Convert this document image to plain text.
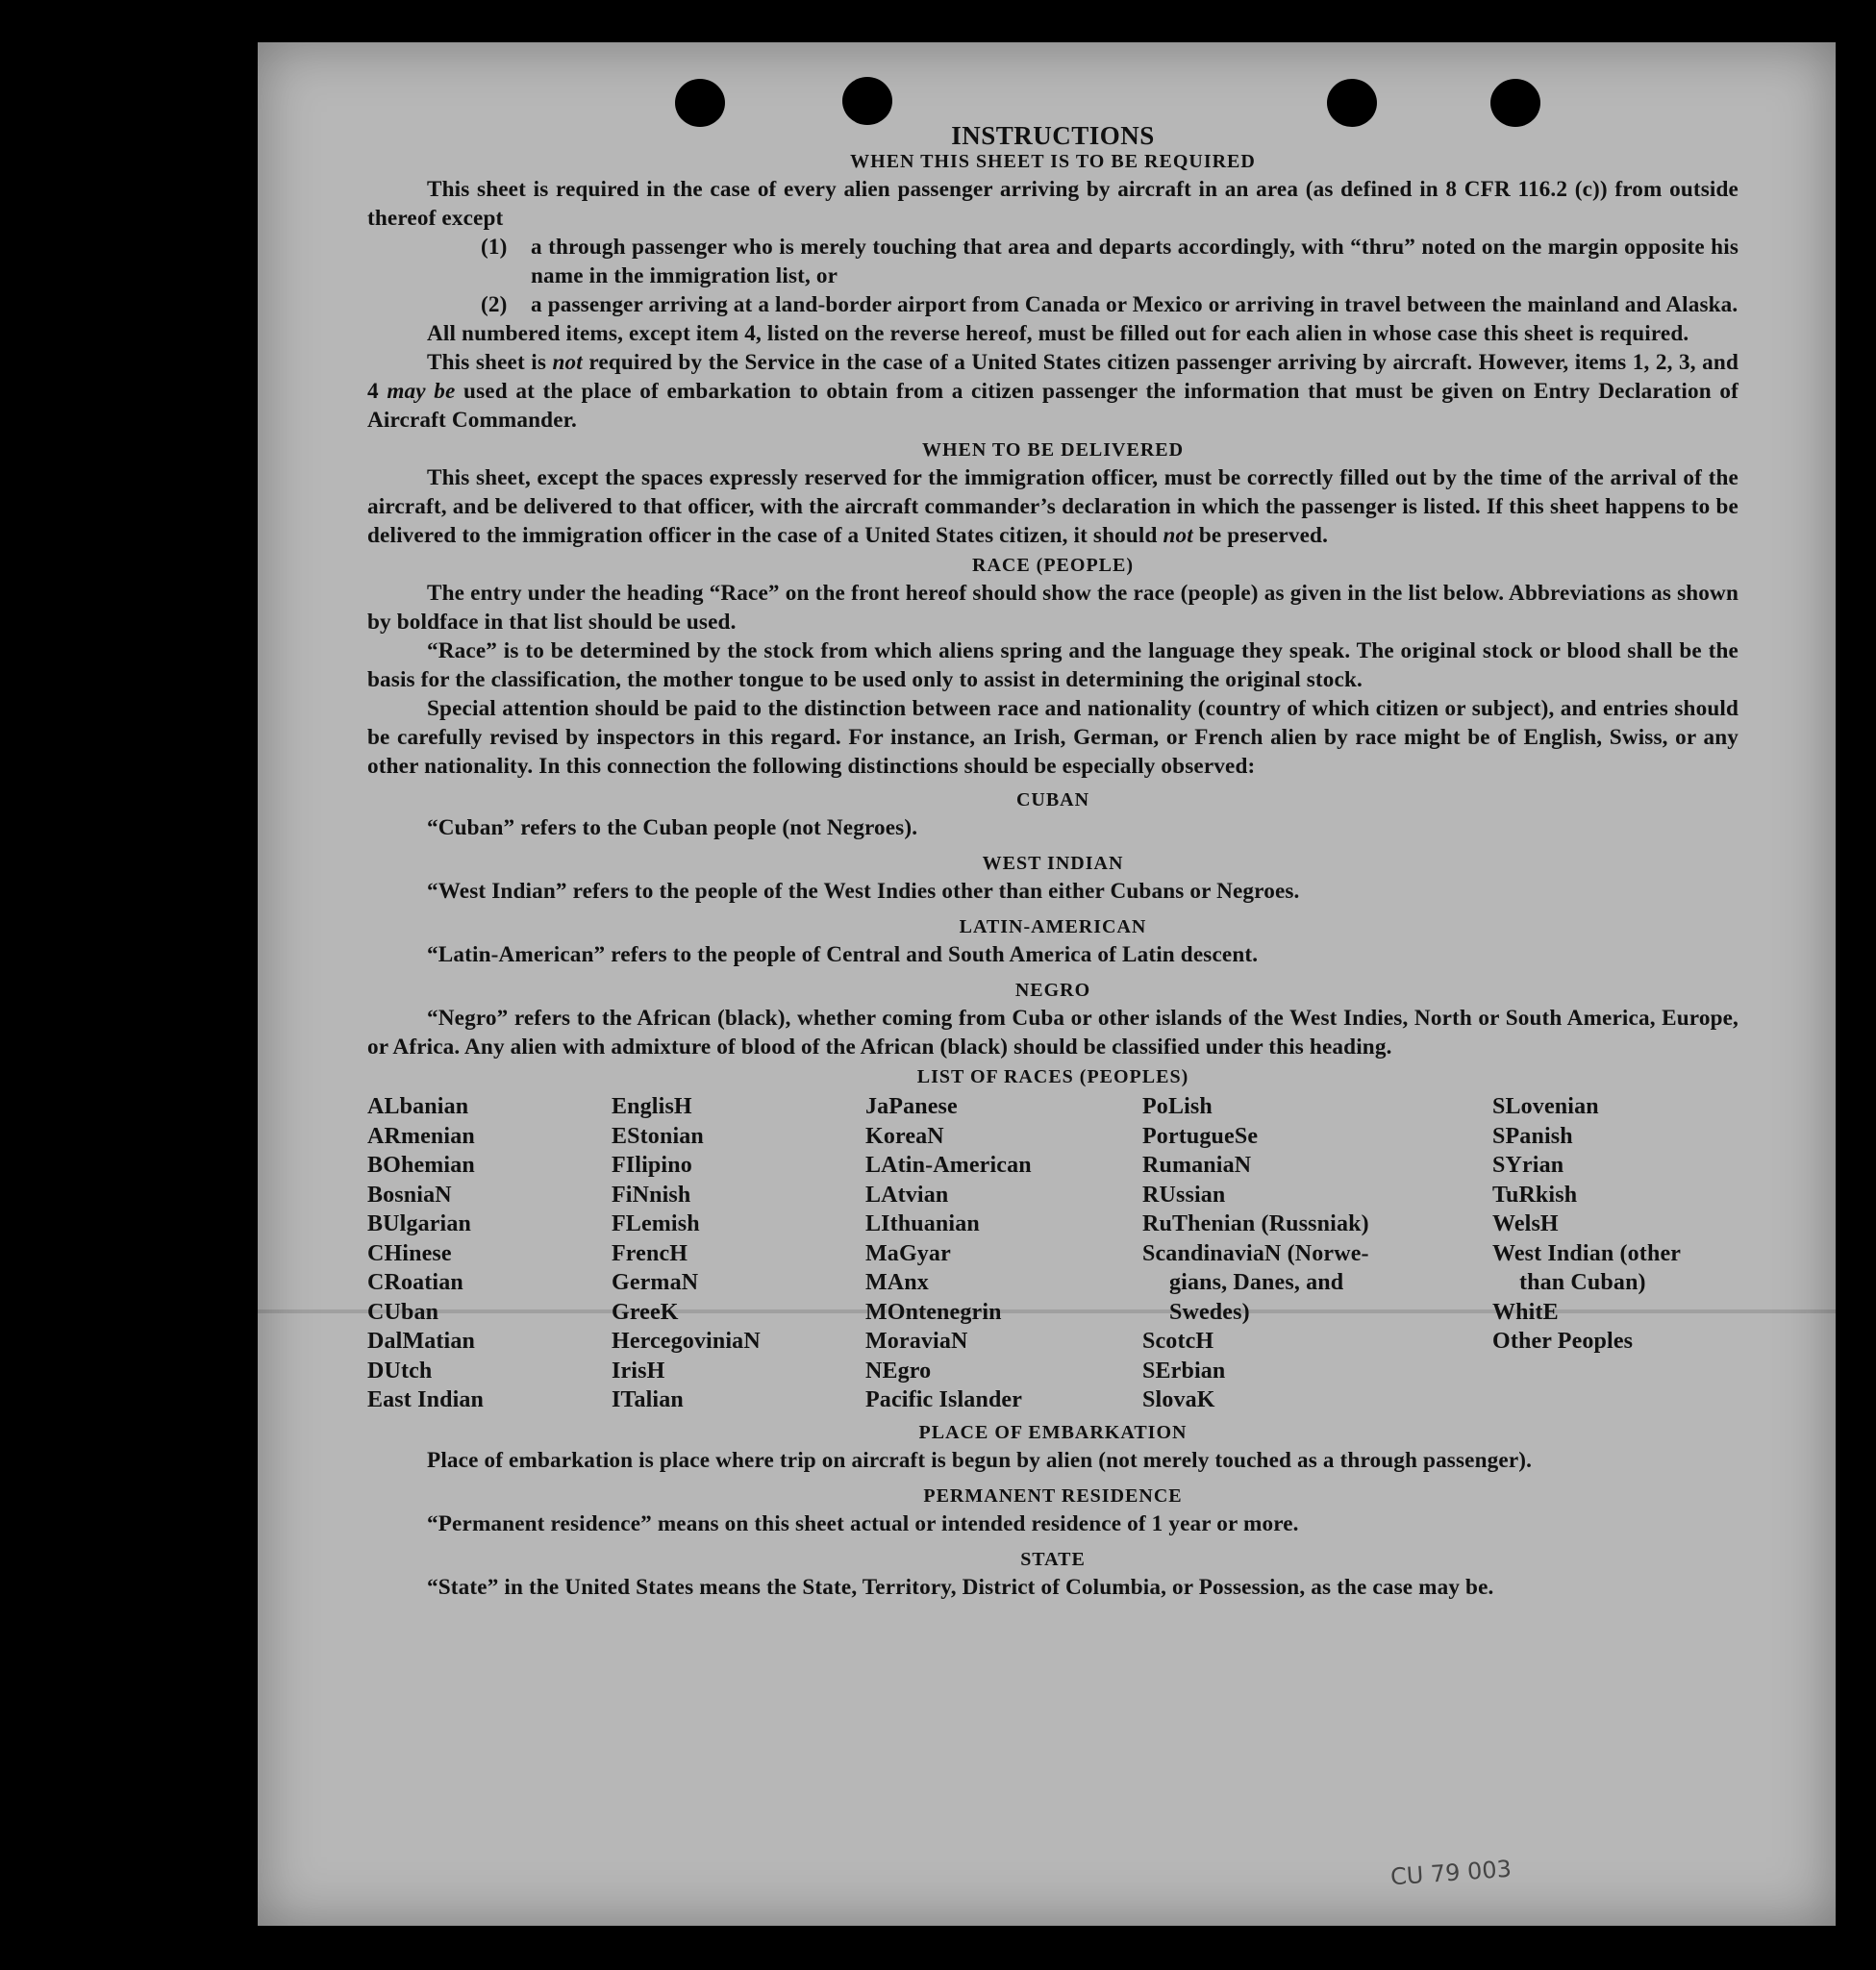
INSTRUCTIONS
WHEN THIS SHEET IS TO BE REQUIRED

This sheet is required in the case of every alien passenger arriving by aircraft in an area (as defined in 8 CFR 116.2 (c)) from outside thereof except

(1)	a through passenger who is merely touching that area and departs accordingly, with “thru” noted on the margin opposite his name in the immigration list, or
(2)	a passenger arriving at a land-border airport from Canada or Mexico or arriving in travel between the mainland and Alaska.

All numbered items, except item 4, listed on the reverse hereof, must be filled out for each alien in whose case this sheet is required.

This sheet is not required by the Service in the case of a United States citizen passenger arriving by aircraft. However, items 1, 2, 3, and 4 may be used at the place of embarkation to obtain from a citizen passenger the information that must be given on Entry Declaration of Aircraft Commander.

WHEN TO BE DELIVERED

This sheet, except the spaces expressly reserved for the immigration officer, must be correctly filled out by the time of the arrival of the aircraft, and be delivered to that officer, with the aircraft commander’s declaration in which the passenger is listed. If this sheet happens to be delivered to the immigration officer in the case of a United States citizen, it should not be preserved.

RACE (PEOPLE)

The entry under the heading “Race” on the front hereof should show the race (people) as given in the list below. Abbreviations as shown by boldface in that list should be used.

“Race” is to be determined by the stock from which aliens spring and the language they speak. The original stock or blood shall be the basis for the classification, the mother tongue to be used only to assist in determining the original stock.

Special attention should be paid to the distinction between race and nationality (country of which citizen or subject), and entries should be carefully revised by inspectors in this regard. For instance, an Irish, German, or French alien by race might be of English, Swiss, or any other nationality. In this connection the following distinctions should be especially observed:

CUBAN

“Cuban” refers to the Cuban people (not Negroes).

WEST INDIAN

“West Indian” refers to the people of the West Indies other than either Cubans or Negroes.

LATIN-AMERICAN

“Latin-American” refers to the people of Central and South America of Latin descent.

NEGRO

“Negro” refers to the African (black), whether coming from Cuba or other islands of the West Indies, North or South America, Europe, or Africa. Any alien with admixture of blood of the African (black) should be classified under this heading.

LIST OF RACES (PEOPLES)
ALbanian
ARmenian
BOhemian
BosniaN
BUlgarian
CHinese
CRoatian
CUban
DalMatian
DUtch
East Indian
EnglisH
EStonian
FIlipino
FiNnish
FLemish
FrencH
GermaN
GreeK
HercegoviniaN
IrisH
ITalian
JaPanese
KoreaN
LAtin-American
LAtvian
LIthuanian
MaGyar
MAnx
MOntenegrin
MoraviaN
NEgro
Pacific Islander
PoLish
PortugueSe
RumaniaN
RUssian
RuThenian (Russniak)
ScandinaviaN (Norwe-
gians, Danes, and
Swedes)
ScotcH
SErbian
SlovaK
SLovenian
SPanish
SYrian
TuRkish
WelsH
West Indian (other
than Cuban)
WhitE
Other Peoples
PLACE OF EMBARKATION

Place of embarkation is place where trip on aircraft is begun by alien (not merely touched as a through passenger).

PERMANENT RESIDENCE

“Permanent residence” means on this sheet actual or intended residence of 1 year or more.

STATE

“State” in the United States means the State, Territory, District of Columbia, or Possession, as the case may be.

CU 79 003
